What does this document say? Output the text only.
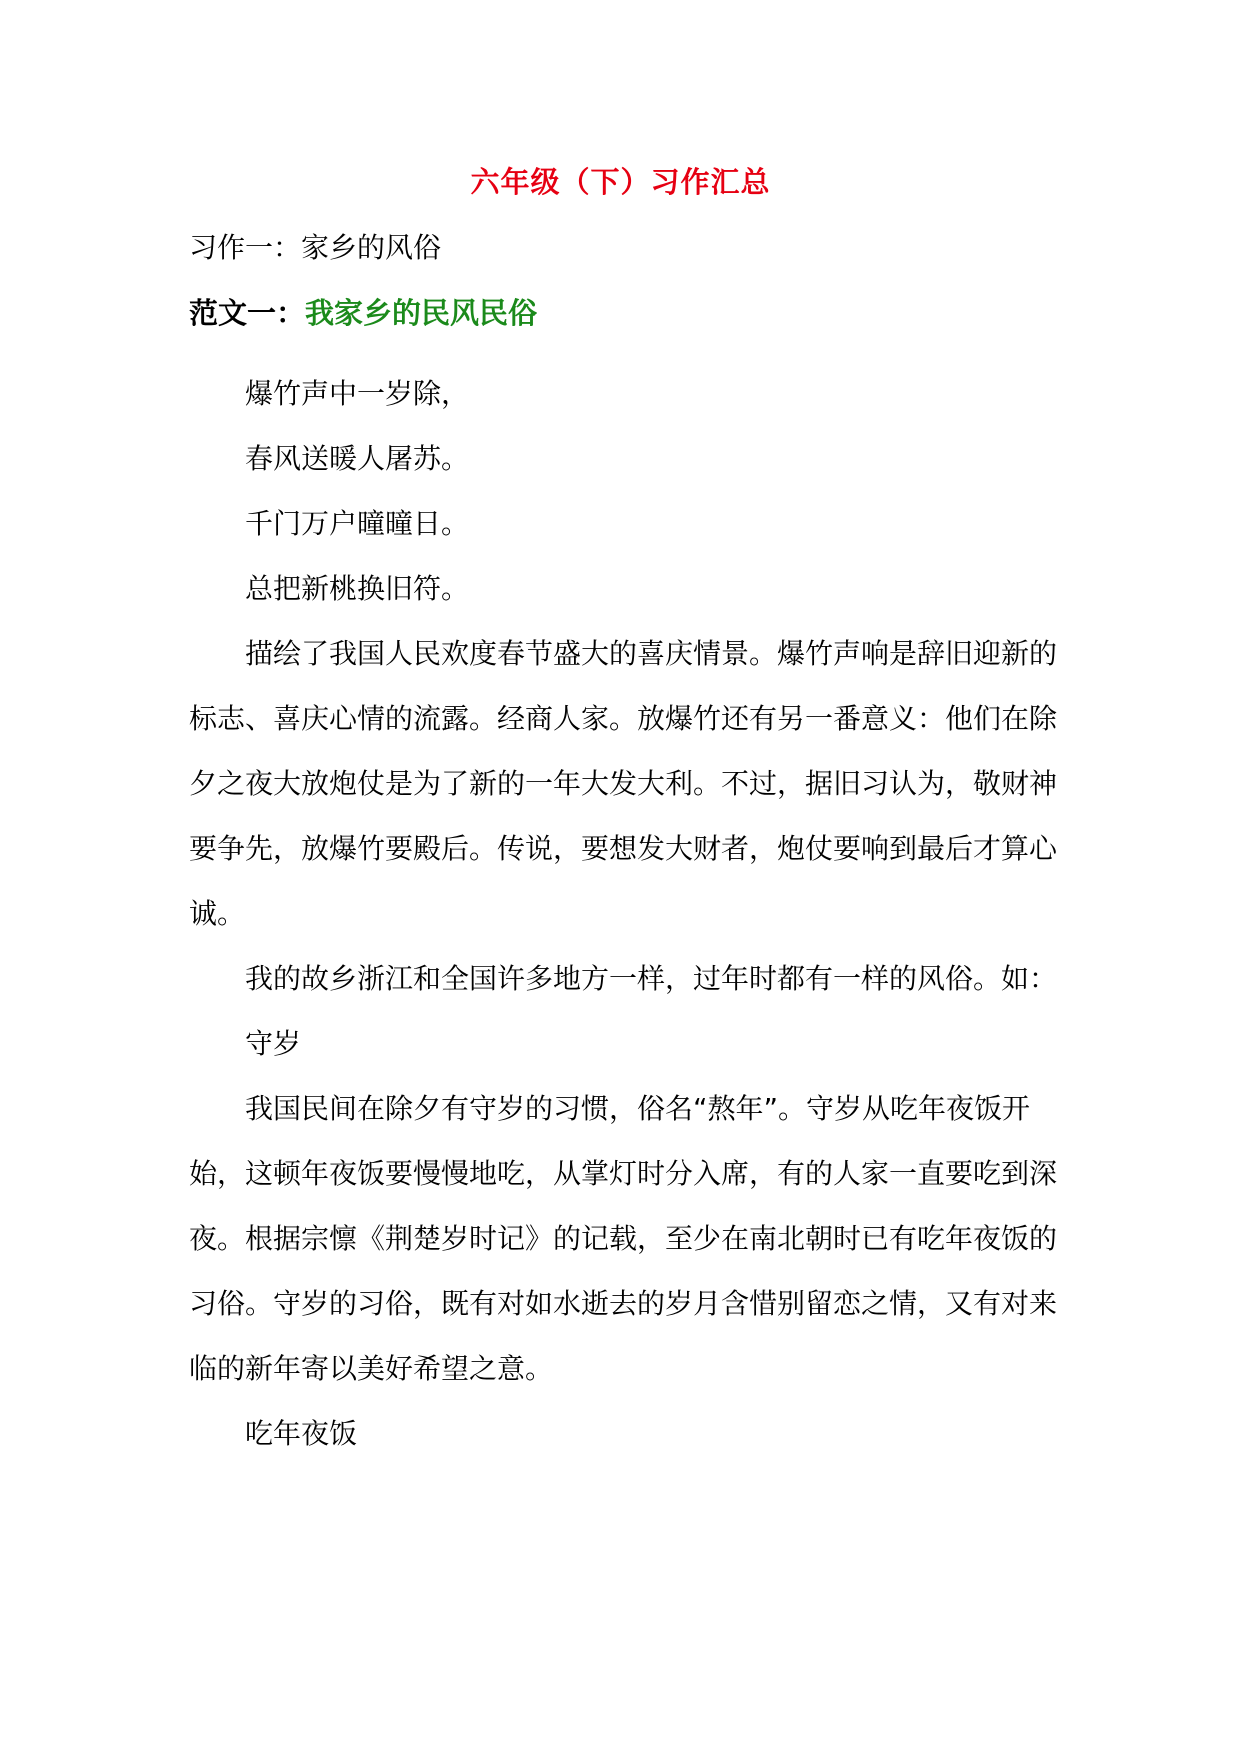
六年级（下）习作汇总
习作一：家乡的风俗
范文一：我家乡的民风民俗

爆竹声中一岁除，

春风送暖人屠苏。

千门万户曈曈日。

总把新桃换旧符。

描绘了我国人民欢度春节盛大的喜庆情景。爆竹声响是辞旧迎新的标志、喜庆心情的流露。经商人家。放爆竹还有另一番意义：他们在除夕之夜大放炮仗是为了新的一年大发大利。不过，据旧习认为，敬财神要争先，放爆竹要殿后。传说，要想发大财者，炮仗要响到最后才算心诚。

我的故乡浙江和全国许多地方一样，过年时都有一样的风俗。如：

守岁

我国民间在除夕有守岁的习惯，俗名“熬年”。守岁从吃年夜饭开始，这顿年夜饭要慢慢地吃，从掌灯时分入席，有的人家一直要吃到深夜。根据宗懔《荆楚岁时记》的记载，至少在南北朝时已有吃年夜饭的习俗。守岁的习俗，既有对如水逝去的岁月含惜别留恋之情，又有对来临的新年寄以美好希望之意。

吃年夜饭
